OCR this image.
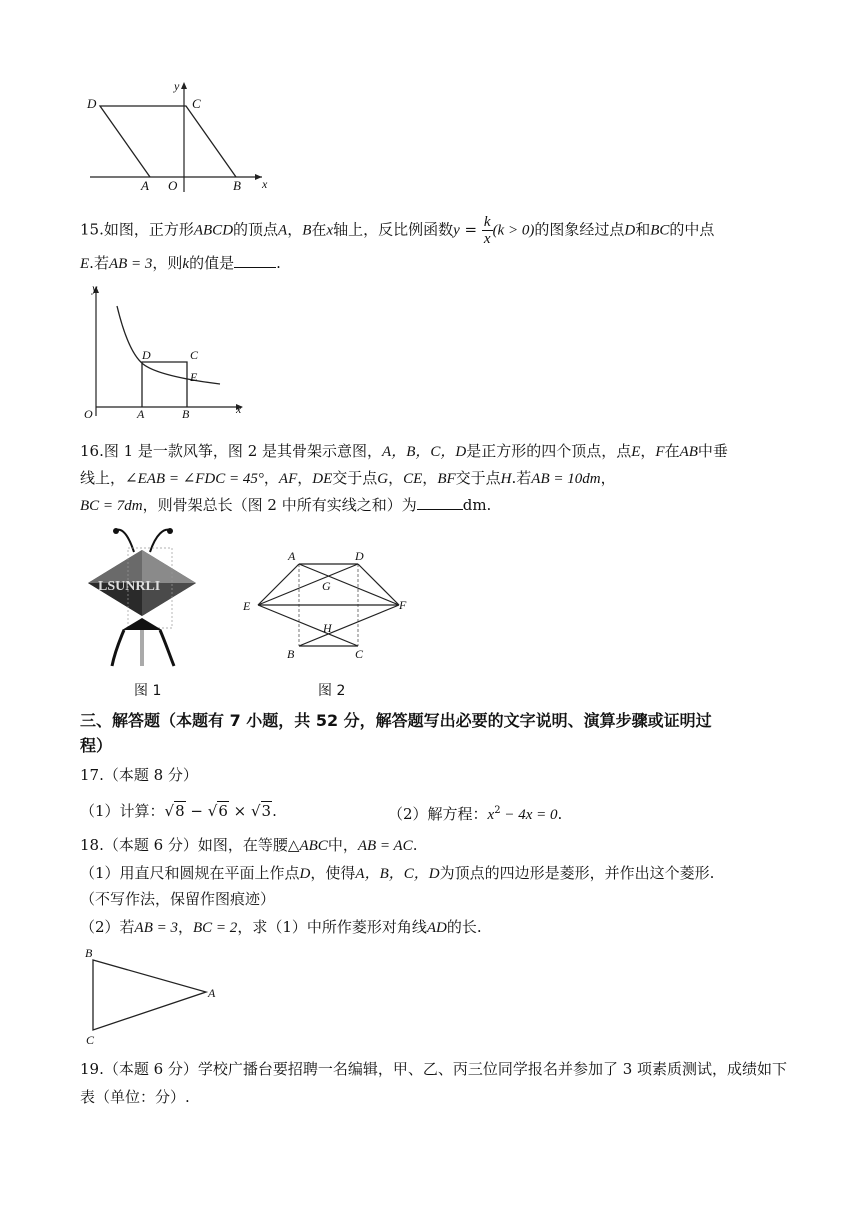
D	C
y
A O	B x
15.如图，正方形ABCD的顶点A，B在x轴上，反比例函数$y = \frac{k}{x} (k > 0)$的图象经过点D和BC的中点
E.若AB = 3，则k的值是	.
y
D	C
E
O	A	B	x
16.图 1 是一款风筝，图 2 是其骨架示意图，A，B，C，D是正方形的四个顶点，点E，F在AB中垂
线上，∠EAB = ∠FDC = 45°，AF，DE交于点G，CE，BF交于点H.若AB = 10dm，
BC = 7dm，则骨架总长（图 2 中所有实线之和）为	dm.
LSUNRLI
图 1
A	D
G
E	F
H
B	C
图 2
三、解答题（本题有 7 小题，共 52 分，解答题写出必要的文字说明、演算步骤或证明过
程）
17.（本题 8 分）
（1）计算：√8 − √6 × √3.	（2）解方程：$x^2 - 4x = 0$.
18.（本题 6 分）如图，在等腰△ABC中，AB = AC.
（1）用直尺和圆规在平面上作点D，使得A，B，C，D为顶点的四边形是菱形，并作出这个菱形.
（不写作法，保留作图痕迹）
（2）若AB = 3，BC = 2，求（1）中所作菱形对角线AD的长.
B
A
C
19.（本题 6 分）学校广播台要招聘一名编辑，甲、乙、丙三位同学报名并参加了 3 项素质测试，成绩如下
表（单位：分）.
